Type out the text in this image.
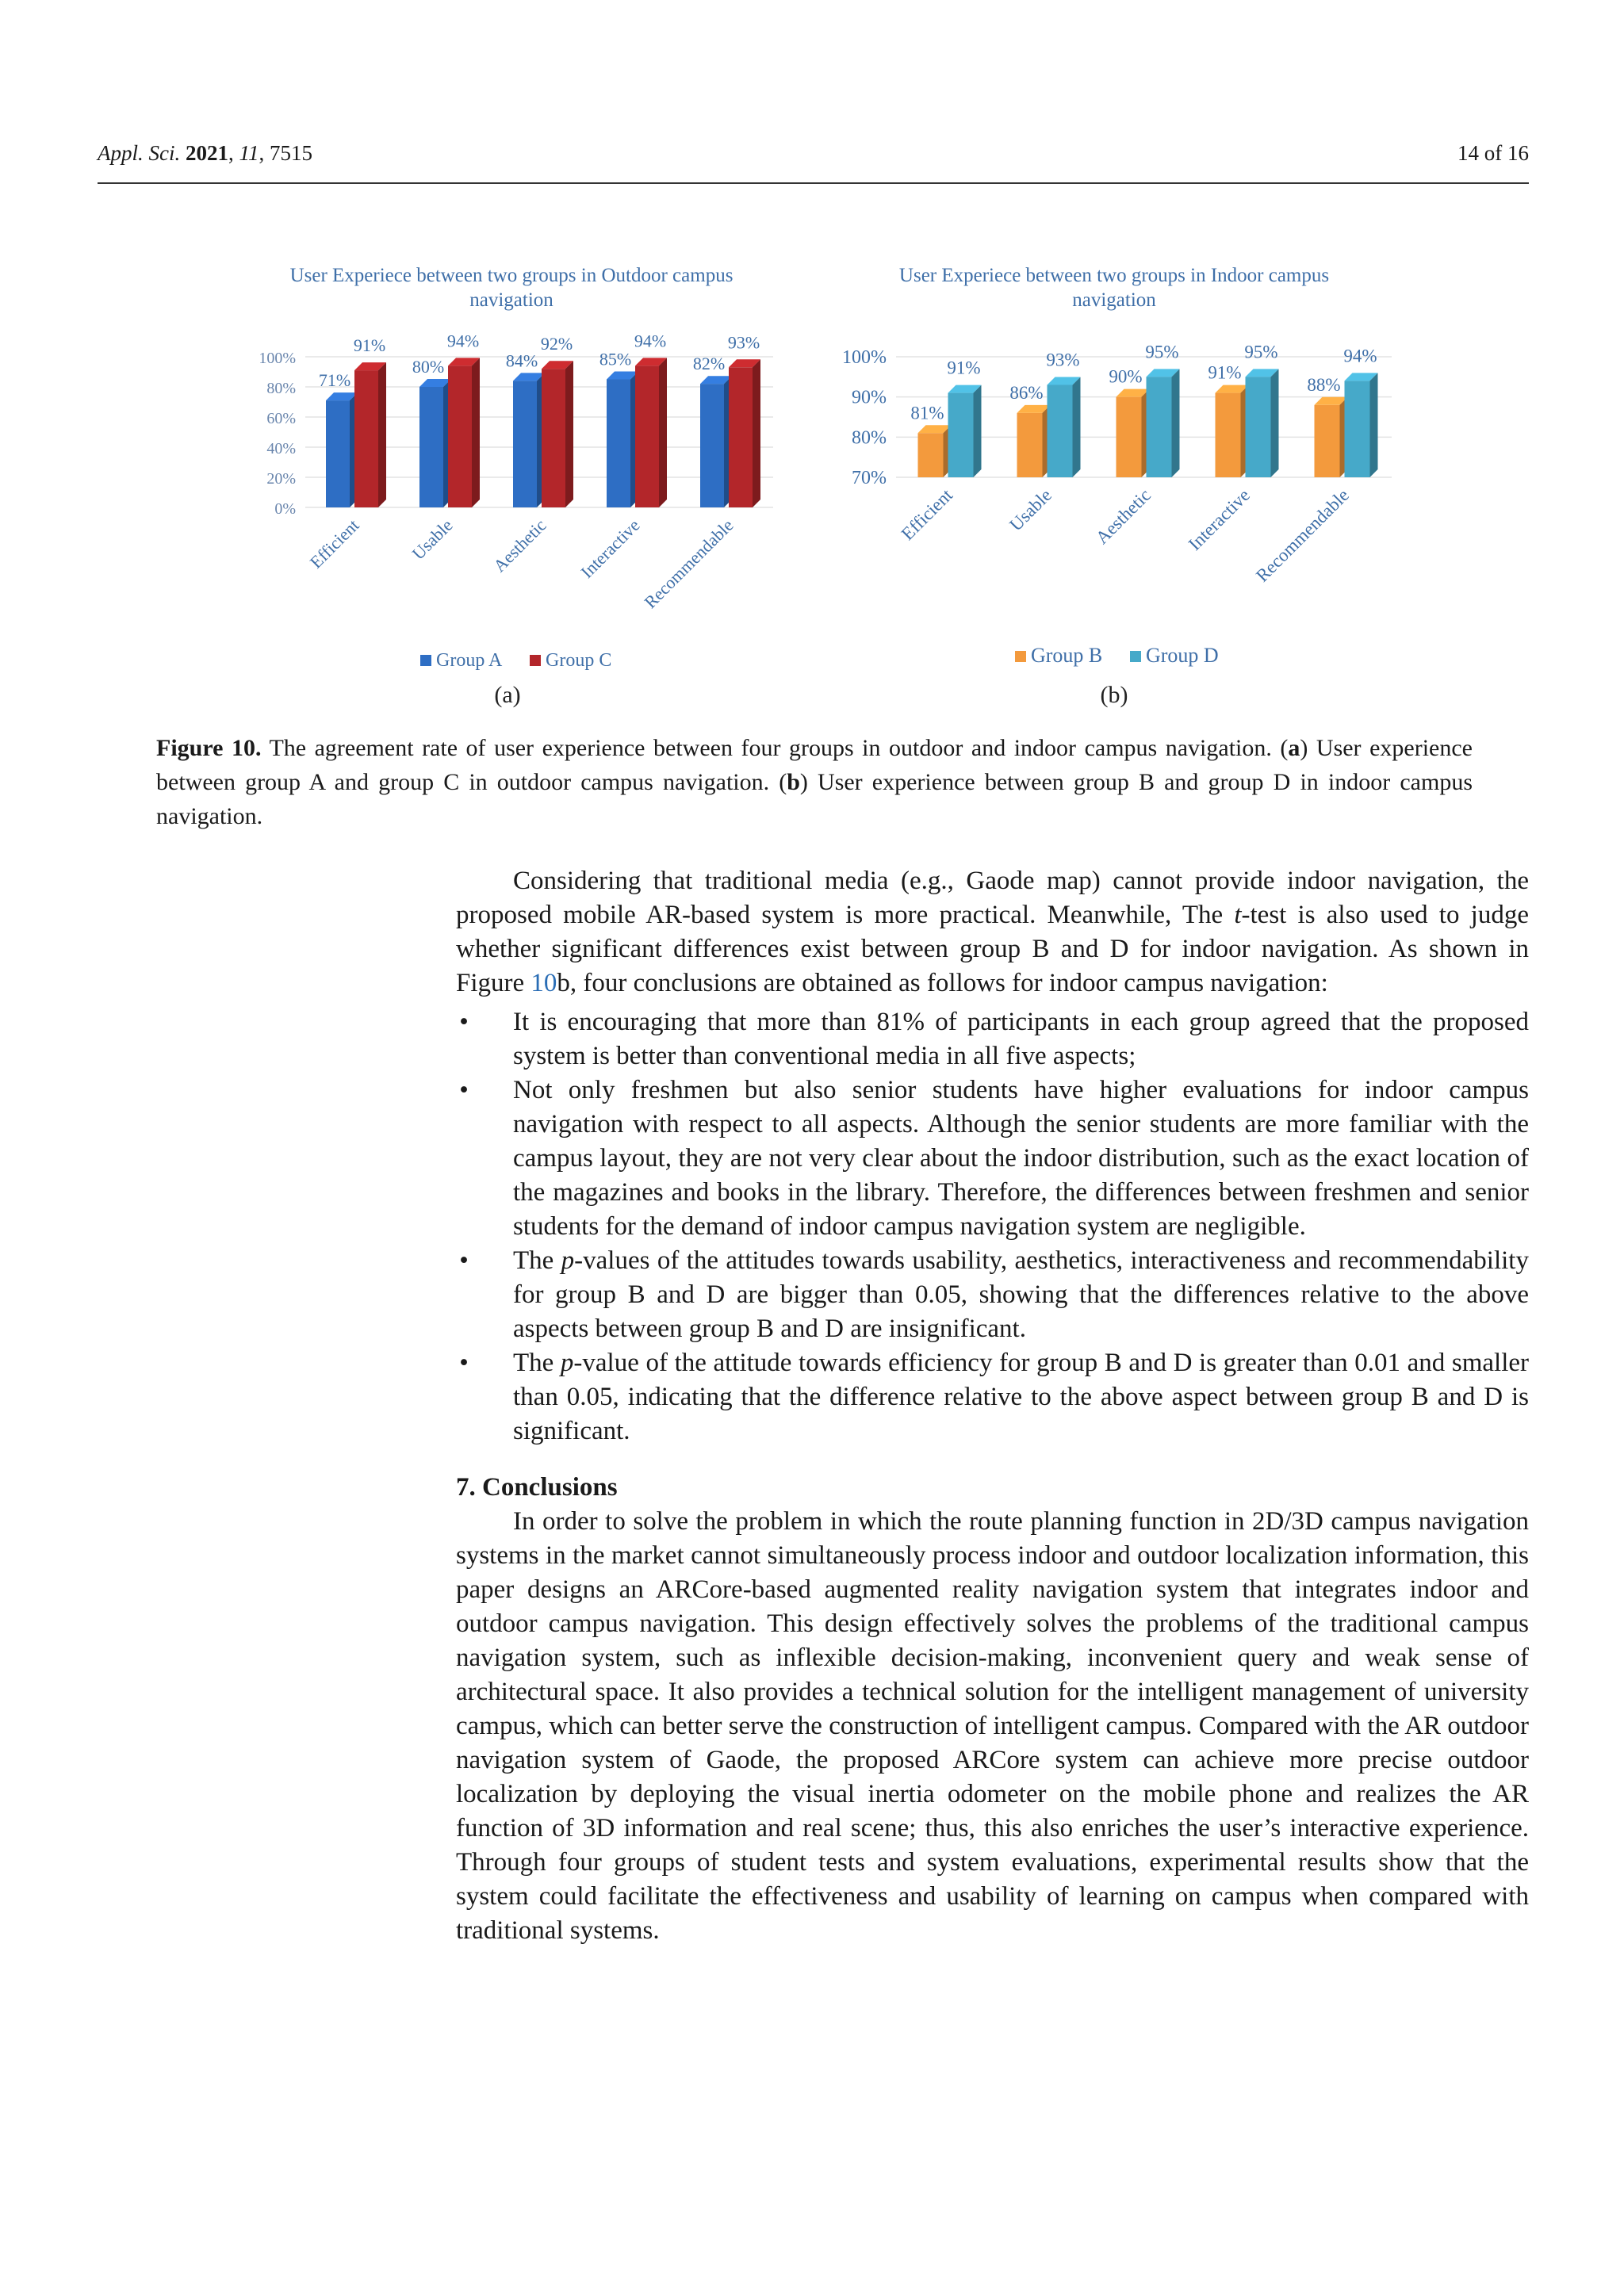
Appl. Sci. 2021, 11, 7515	14 of 16
User Experiece between two groups in Outdoor campus navigation
0%
20%
40%
60%
80%
100%
71%
91%
Efficient
80%
94%
Usable
84%
92%
Aesthetic
85%
94%
Interactive
82%
93%
Recommendable
Group A Group C
(a)
User Experiece between two groups in Indoor campus navigation
70%
80%
90%
100%
81%
91%
Efficient
86%
93%
Usable
90%
95%
Aesthetic
91%
95%
Interactive
88%
94%
Recommendable
Group B Group D
(b)
Figure 10. The agreement rate of user experience between four groups in outdoor and indoor campus navigation. (a) User experience between group A and group C in outdoor campus navigation. (b) User experience between group B and group D in indoor campus navigation.

Considering that traditional media (e.g., Gaode map) cannot provide indoor navigation, the proposed mobile AR-based system is more practical. Meanwhile, The t-test is also used to judge whether significant differences exist between group B and D for indoor navigation. As shown in Figure 10b, four conclusions are obtained as follows for indoor campus navigation:

• It is encouraging that more than 81% of participants in each group agreed that the proposed system is better than conventional media in all five aspects;
• Not only freshmen but also senior students have higher evaluations for indoor campus navigation with respect to all aspects. Although the senior students are more familiar with the campus layout, they are not very clear about the indoor distribution, such as the exact location of the magazines and books in the library. Therefore, the differences between freshmen and senior students for the demand of indoor campus navigation system are negligible.
• The p-values of the attitudes towards usability, aesthetics, interactiveness and recommendability for group B and D are bigger than 0.05, showing that the differences relative to the above aspects between group B and D are insignificant.
• The p-value of the attitude towards efficiency for group B and D is greater than 0.01 and smaller than 0.05, indicating that the difference relative to the above aspect between group B and D is significant.

7. Conclusions

In order to solve the problem in which the route planning function in 2D/3D campus navigation systems in the market cannot simultaneously process indoor and outdoor localization information, this paper designs an ARCore-based augmented reality navigation system that integrates indoor and outdoor campus navigation. This design effectively solves the problems of the traditional campus navigation system, such as inflexible decision-making, inconvenient query and weak sense of architectural space. It also provides a technical solution for the intelligent management of university campus, which can better serve the construction of intelligent campus. Compared with the AR outdoor navigation system of Gaode, the proposed ARCore system can achieve more precise outdoor localization by deploying the visual inertia odometer on the mobile phone and realizes the AR function of 3D information and real scene; thus, this also enriches the user’s interactive experience. Through four groups of student tests and system evaluations, experimental results show that the system could facilitate the effectiveness and usability of learning on campus when compared with traditional systems.
